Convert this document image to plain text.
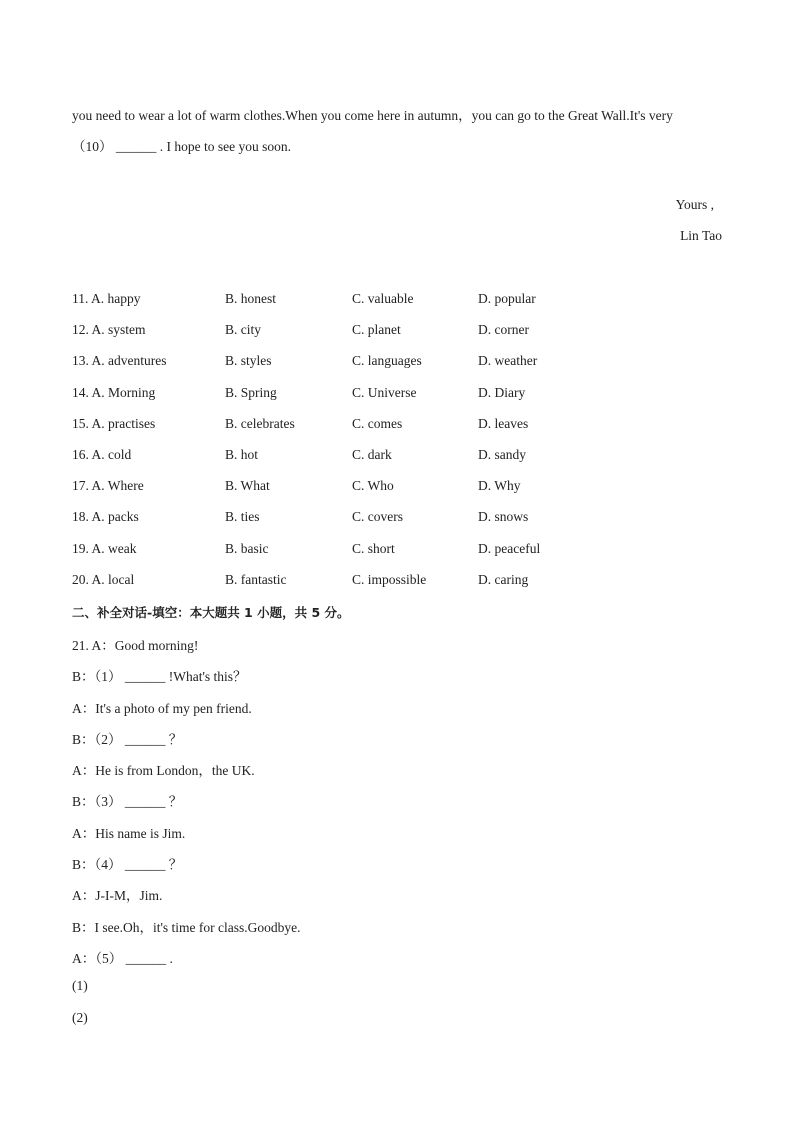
you need to wear a lot of warm clothes.When you come here in autumn，you can go to the Great Wall.It's very
（10） ______ . I hope to see you soon.
Yours ,
Lin Tao
11. A. happy	B. honest	C. valuable	D. popular
12. A. system	B. city	C. planet	D. corner
13. A. adventures	B. styles	C. languages	D. weather
14. A. Morning	B. Spring	C. Universe	D. Diary
15. A. practises	B. celebrates	C. comes	D. leaves
16. A. cold	B. hot	C. dark	D. sandy
17. A. Where	B. What	C. Who	D. Why
18. A. packs	B. ties	C. covers	D. snows
19. A. weak	B. basic	C. short	D. peaceful
20. A. local	B. fantastic	C. impossible	D. caring
二、补全对话-填空：本大题共 1 小题，共 5 分。
21. A：Good morning!
B：（1） ______ !What's this？
A：It's a photo of my pen friend.
B：（2） ______ ？
A：He is from London，the UK.
B：（3） ______ ？
A：His name is Jim.
B：（4） ______ ？
A：J-I-M，Jim.
B：I see.Oh，it's time for class.Goodbye.
A：（5） ______ .
(1)
(2)
